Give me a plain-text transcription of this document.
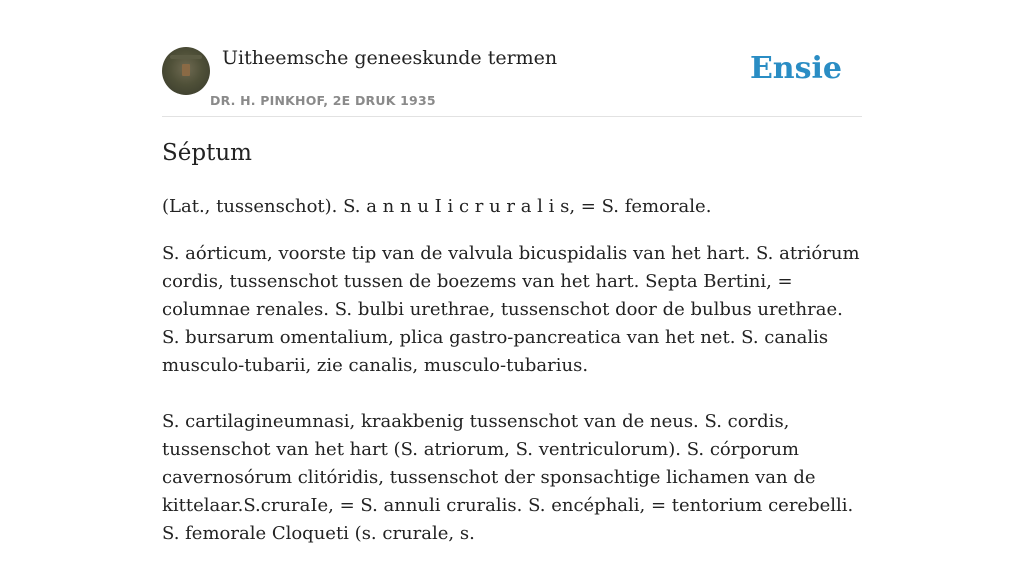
Uitheemsche geneeskunde termen
DR. H. PINKHOF, 2E DRUK 1935
Ensie
Séptum

(Lat., tussenschot). S. a n n u I i c r u r a l i s, = S. femorale.

S. aórticum, voorste tip van de valvula bicuspidalis van het hart. S. atriórum cordis, tussenschot tussen de boezems van het hart. Septa Bertini, = columnae renales. S. bulbi urethrae, tussenschot door de bulbus urethrae. S. bursarum omentalium, plica gastro-pancreatica van het net. S. canalis musculo-tubarii, zie canalis, musculo-tubarius.

S. cartilagineumnasi, kraakbenig tussenschot van de neus. S. cordis, tussenschot van het hart (S. atriorum, S. ventriculorum). S. córporum cavernosórum clitóridis, tussenschot der sponsachtige lichamen van de kittelaar.S.cruraIe, = S. annuli cruralis. S. encéphali, = tentorium cerebelli. S. femorale Cloqueti (s. crurale, s.
